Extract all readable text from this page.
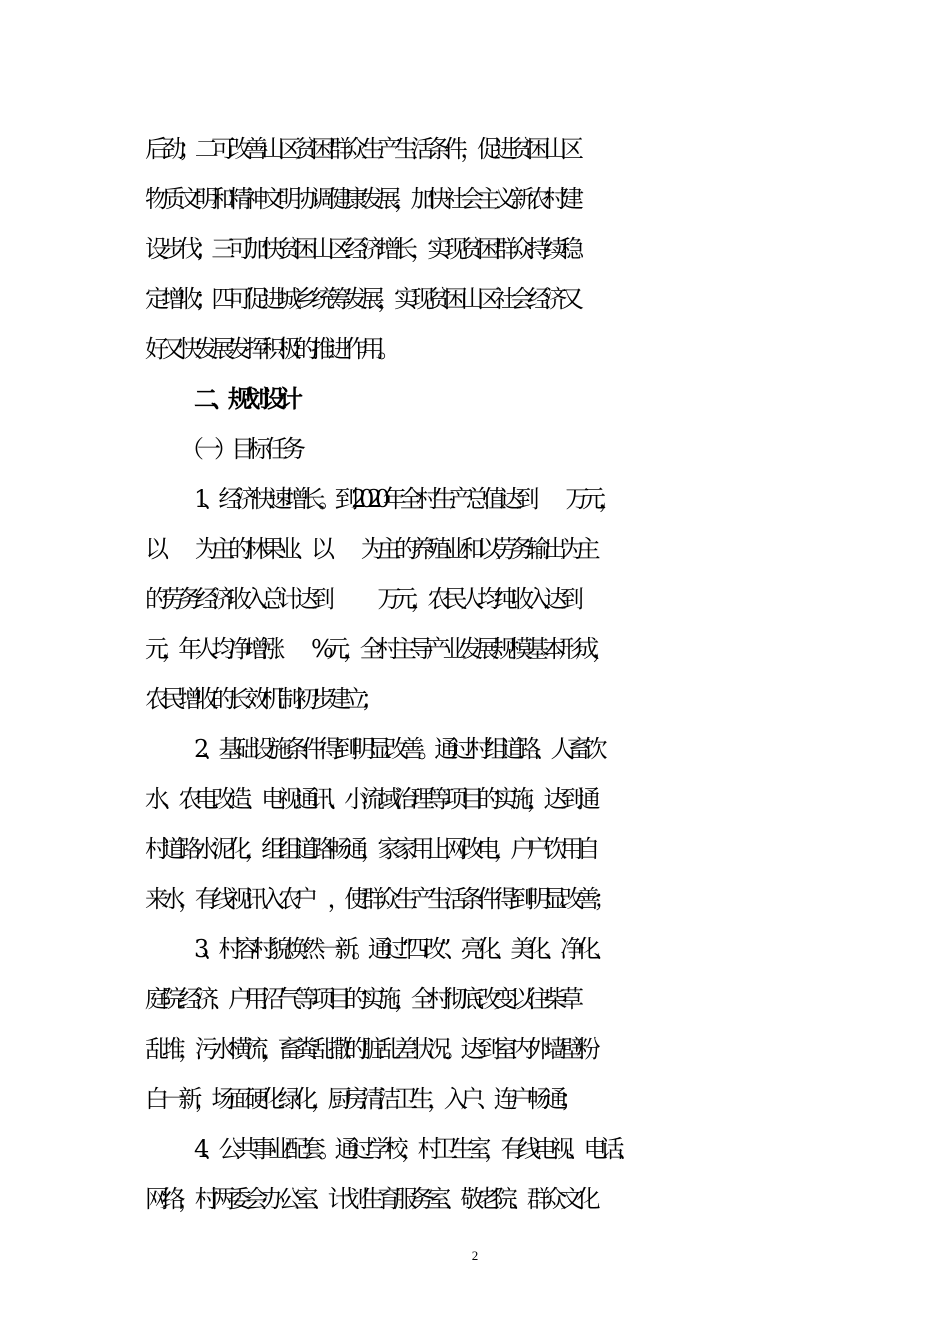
后劲；二可改善山区贫困群众生产生活条件，促进贫困山区
物质文明和精神文明协调健康发展，加快社会主义新农村建
设步伐；三可加快贫困山区经济增长，实现贫困群众持续稳
定增收；四可促进城乡统筹发展，实现贫困山区社会经济又
好又快发展发挥积极的推进作用。
二、规划设计
（一）目标任务
1、经济快速增长。到2020年全村生产总值达到　　万元，
以　　为主的林果业、以　　为主的养殖业和以劳务输出为主
的劳务经济收入总计达到　　　万元，农民人均纯收入达到
元，年人均净增涨　　%元，全村主导产业发展规模基本形成，
农民增收的长效机制初步建立；
2、基础设施条件得到明显改善。通过村组道路、人畜饮
水、农电改造、电视通讯、小流域治理等项目的实施，达到通
村道路水泥化，组组道路畅通，家家用上网改电，户户饮用自
来水，有线视讯入农户　，使群众生产生活条件得到明显改善；
3、村容村貌焕然一新。通过“四改”、亮化、美化、净化、
庭院经济、户用沼气等项目的实施，全村彻底改变以往柴草
乱堆，污水横流，畜粪乱撒的脏乱差状况。达到室内外墙壁粉
白一新，场面硬化绿化，厨房清洁卫生，入户、连户畅通；
4、公共事业配套。通过学校，村卫生室，有线电视、电话、
网络，村两委会办公室、计划生育服务室、敬老院、群众文化
2
